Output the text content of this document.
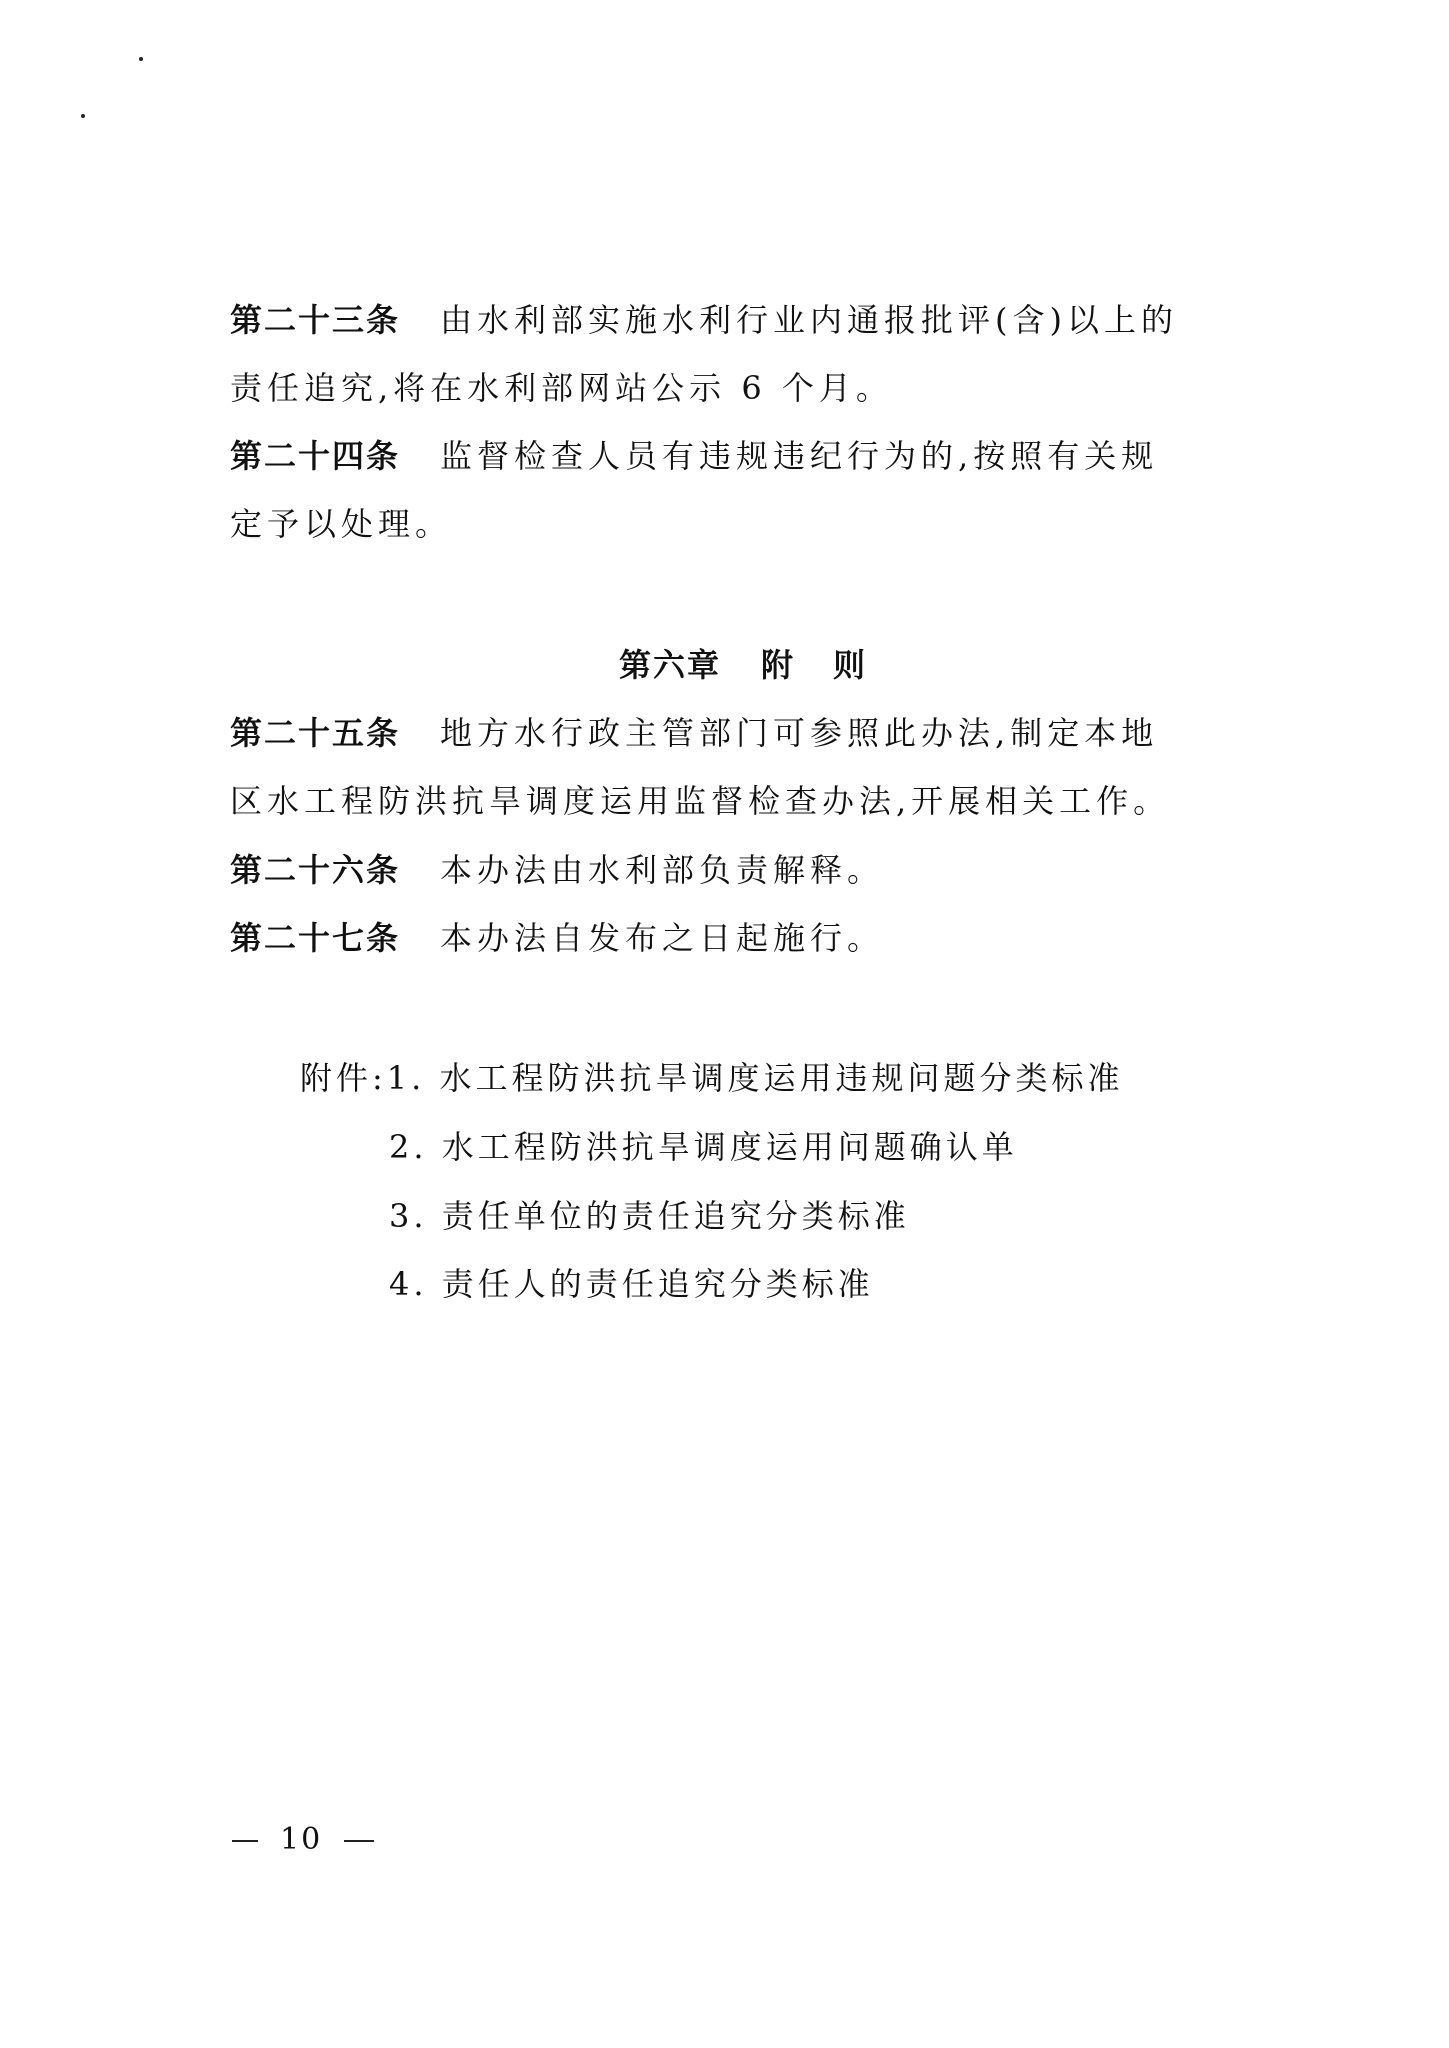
第二十三条 由水利部实施水利行业内通报批评(含)以上的
责任追究,将在水利部网站公示 6 个月。
第二十四条 监督检查人员有违规违纪行为的,按照有关规
定予以处理。
第六章 附 则
第二十五条 地方水行政主管部门可参照此办法,制定本地
区水工程防洪抗旱调度运用监督检查办法,开展相关工作。
第二十六条 本办法由水利部负责解释。
第二十七条 本办法自发布之日起施行。
附件:1. 水工程防洪抗旱调度运用违规问题分类标准
2. 水工程防洪抗旱调度运用问题确认单
3. 责任单位的责任追究分类标准
4. 责任人的责任追究分类标准
10
